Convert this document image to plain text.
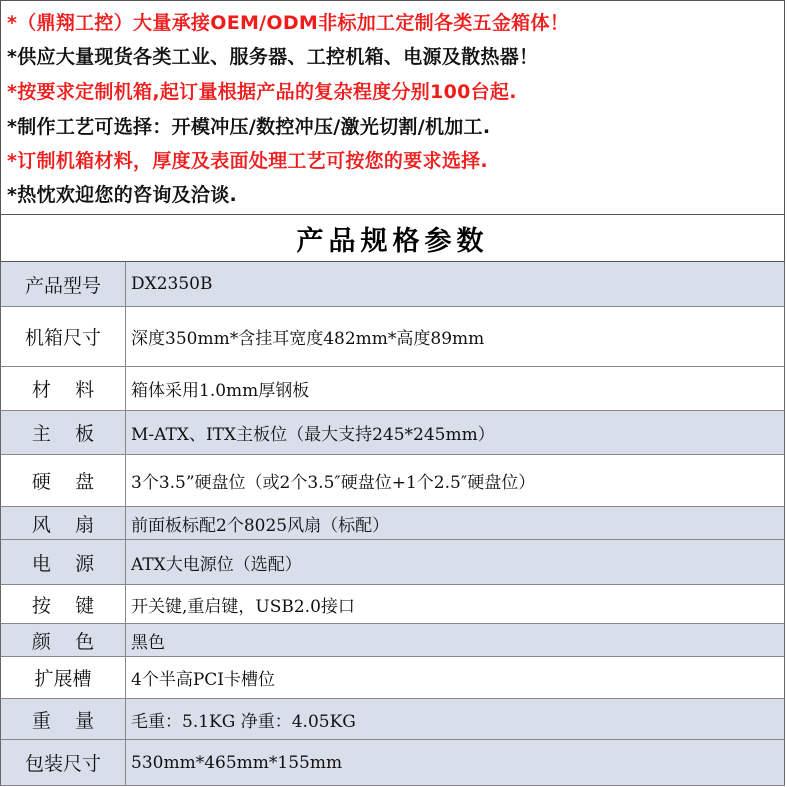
*（鼎翔工控）大量承接OEM/ODM非标加工定制各类五金箱体！
*供应大量现货各类工业、服务器、工控机箱、电源及散热器！
*按要求定制机箱,起订量根据产品的复杂程度分别100台起.
*制作工艺可选择：开模冲压/数控冲压/激光切割/机加工.
*订制机箱材料，厚度及表面处理工艺可按您的要求选择.
*热忱欢迎您的咨询及洽谈.
产品规格参数
产品型号	DX2350B
机箱尺寸	深度350mm*含挂耳宽度482mm*高度89mm
材    料	箱体采用1.0mm厚钢板
主    板	M-ATX、ITX主板位（最大支持245*245mm）
硬    盘	3个3.5”硬盘位（或2个3.5″硬盘位+1个2.5″硬盘位）
风    扇	前面板标配2个8025风扇（标配）
电    源	ATX大电源位（选配）
按    键	开关键,重启键，USB2.0接口
颜    色	黑色
扩展槽	4个半高PCI卡槽位
重    量	毛重：5.1KG 净重：4.05KG
包装尺寸	530mm*465mm*155mm
